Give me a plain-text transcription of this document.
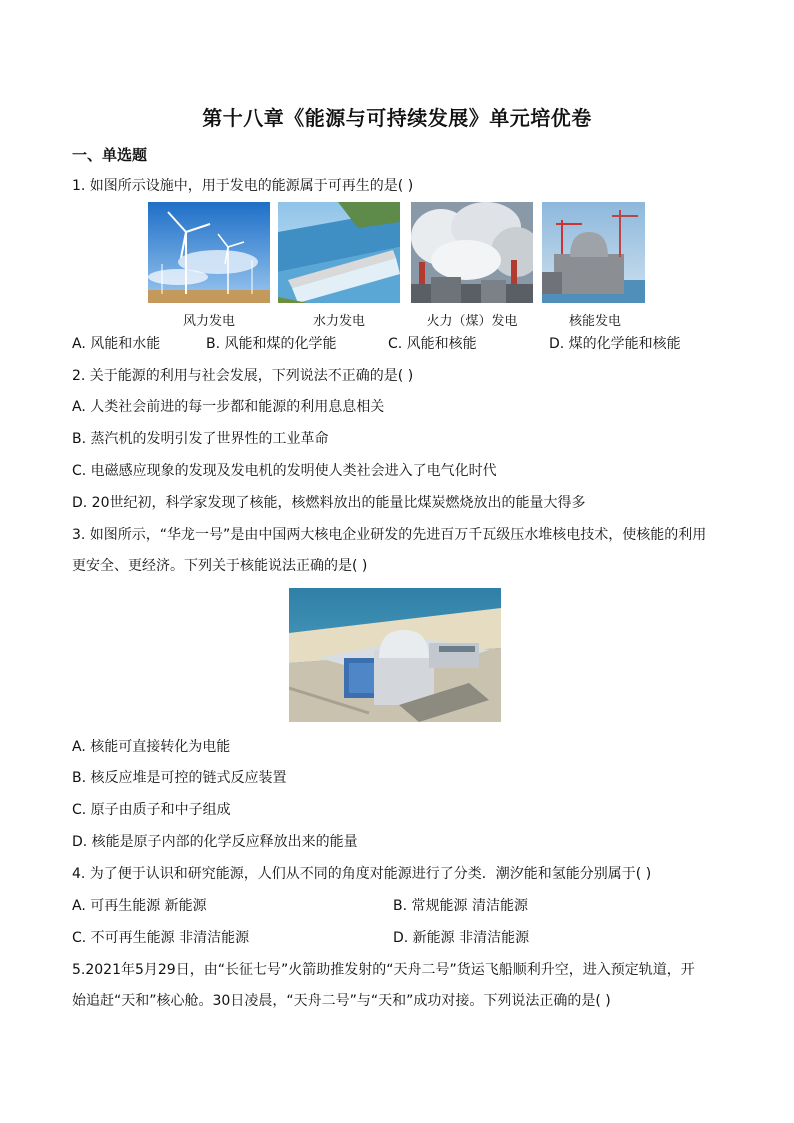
第十八章《能源与可持续发展》单元培优卷
一、单选题
1. 如图所示设施中，用于发电的能源属于可再生的是( )
风力发电	水力发电	火力（煤）发电	核能发电
A. 风能和水能	B. 风能和煤的化学能	C. 风能和核能	D. 煤的化学能和核能
2. 关于能源的利用与社会发展，下列说法不正确的是( )
A. 人类社会前进的每一步都和能源的利用息息相关
B. 蒸汽机的发明引发了世界性的工业革命
C. 电磁感应现象的发现及发电机的发明使人类社会进入了电气化时代
D. 20世纪初，科学家发现了核能，核燃料放出的能量比煤炭燃烧放出的能量大得多
3. 如图所示，“华龙一号”是由中国两大核电企业研发的先进百万千瓦级压水堆核电技术，使核能的利用
更安全、更经济。下列关于核能说法正确的是( )
A. 核能可直接转化为电能
B. 核反应堆是可控的链式反应装置
C. 原子由质子和中子组成
D. 核能是原子内部的化学反应释放出来的能量
4. 为了便于认识和研究能源，人们从不同的角度对能源进行了分类．潮汐能和氢能分别属于( )
A. 可再生能源 新能源	B. 常规能源 清洁能源
C. 不可再生能源 非清洁能源	D. 新能源 非清洁能源
5.2021年5月29日，由“长征七号”火箭助推发射的“天舟二号”货运飞船顺利升空，进入预定轨道，开
始追赶“天和”核心舱。30日凌晨，“天舟二号”与“天和”成功对接。下列说法正确的是( )
